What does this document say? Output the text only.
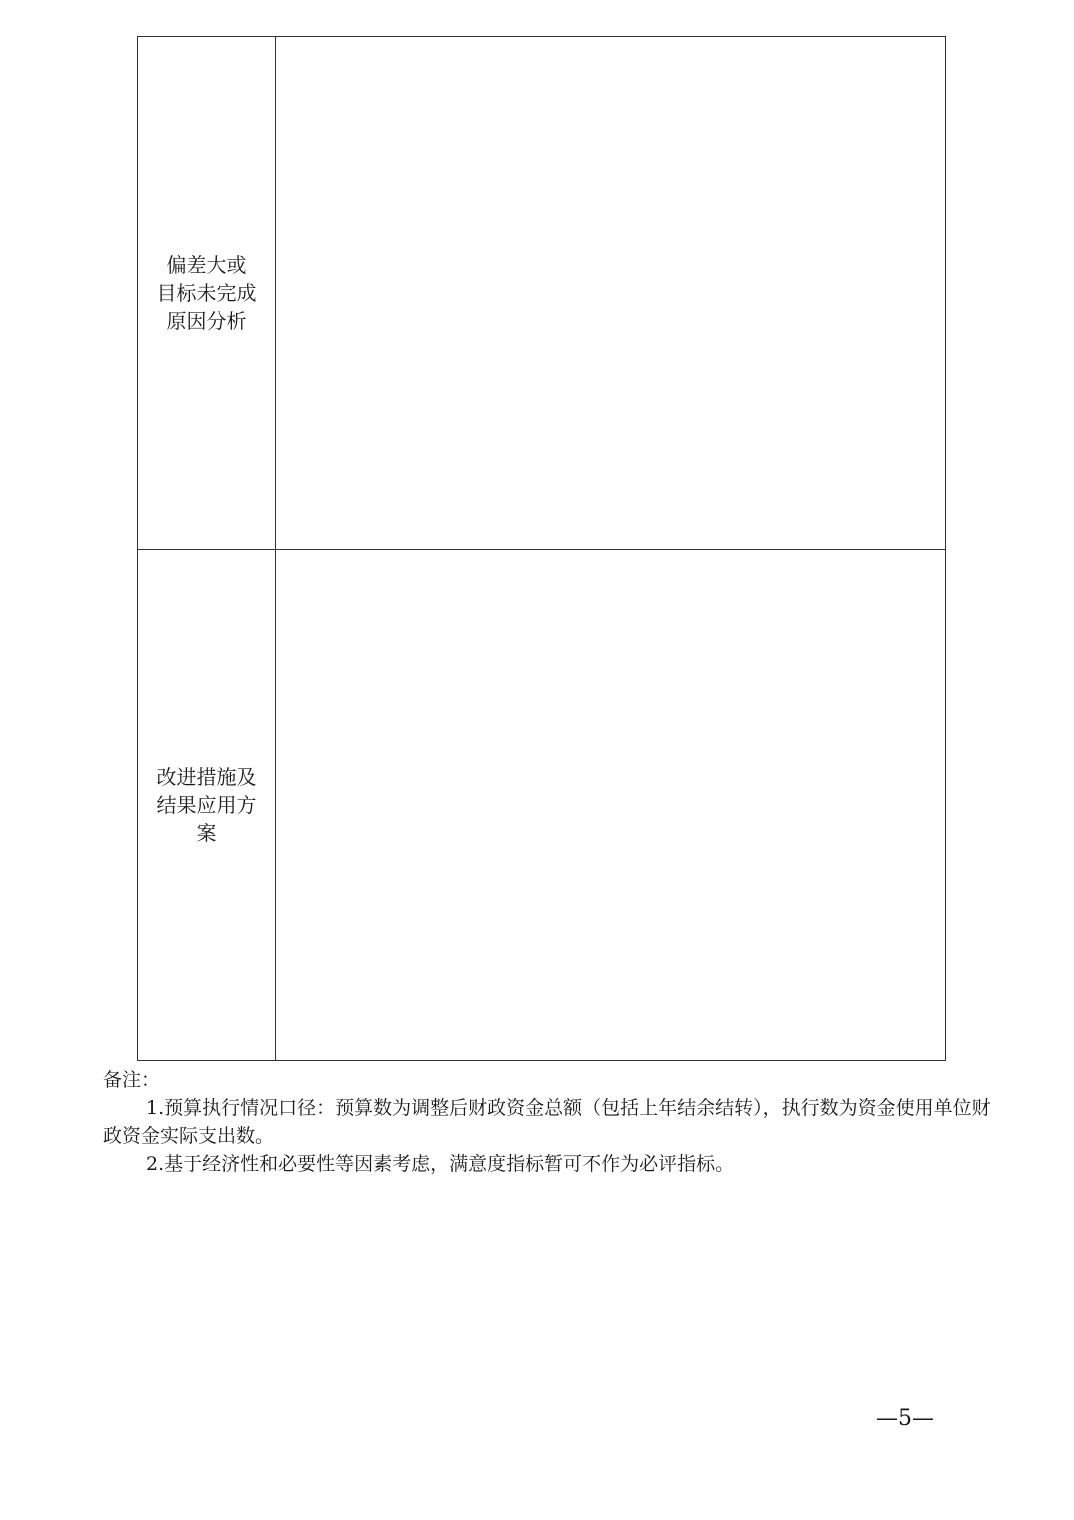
偏差大或
目标未完成
原因分析	

改进措施及
结果应用方
案	

备注：

1.预算执行情况口径：预算数为调整后财政资金总额（包括上年结余结转），执行数为资金使用单位财政资金实际支出数。

2.基于经济性和必要性等因素考虑，满意度指标暂可不作为必评指标。

—5—
